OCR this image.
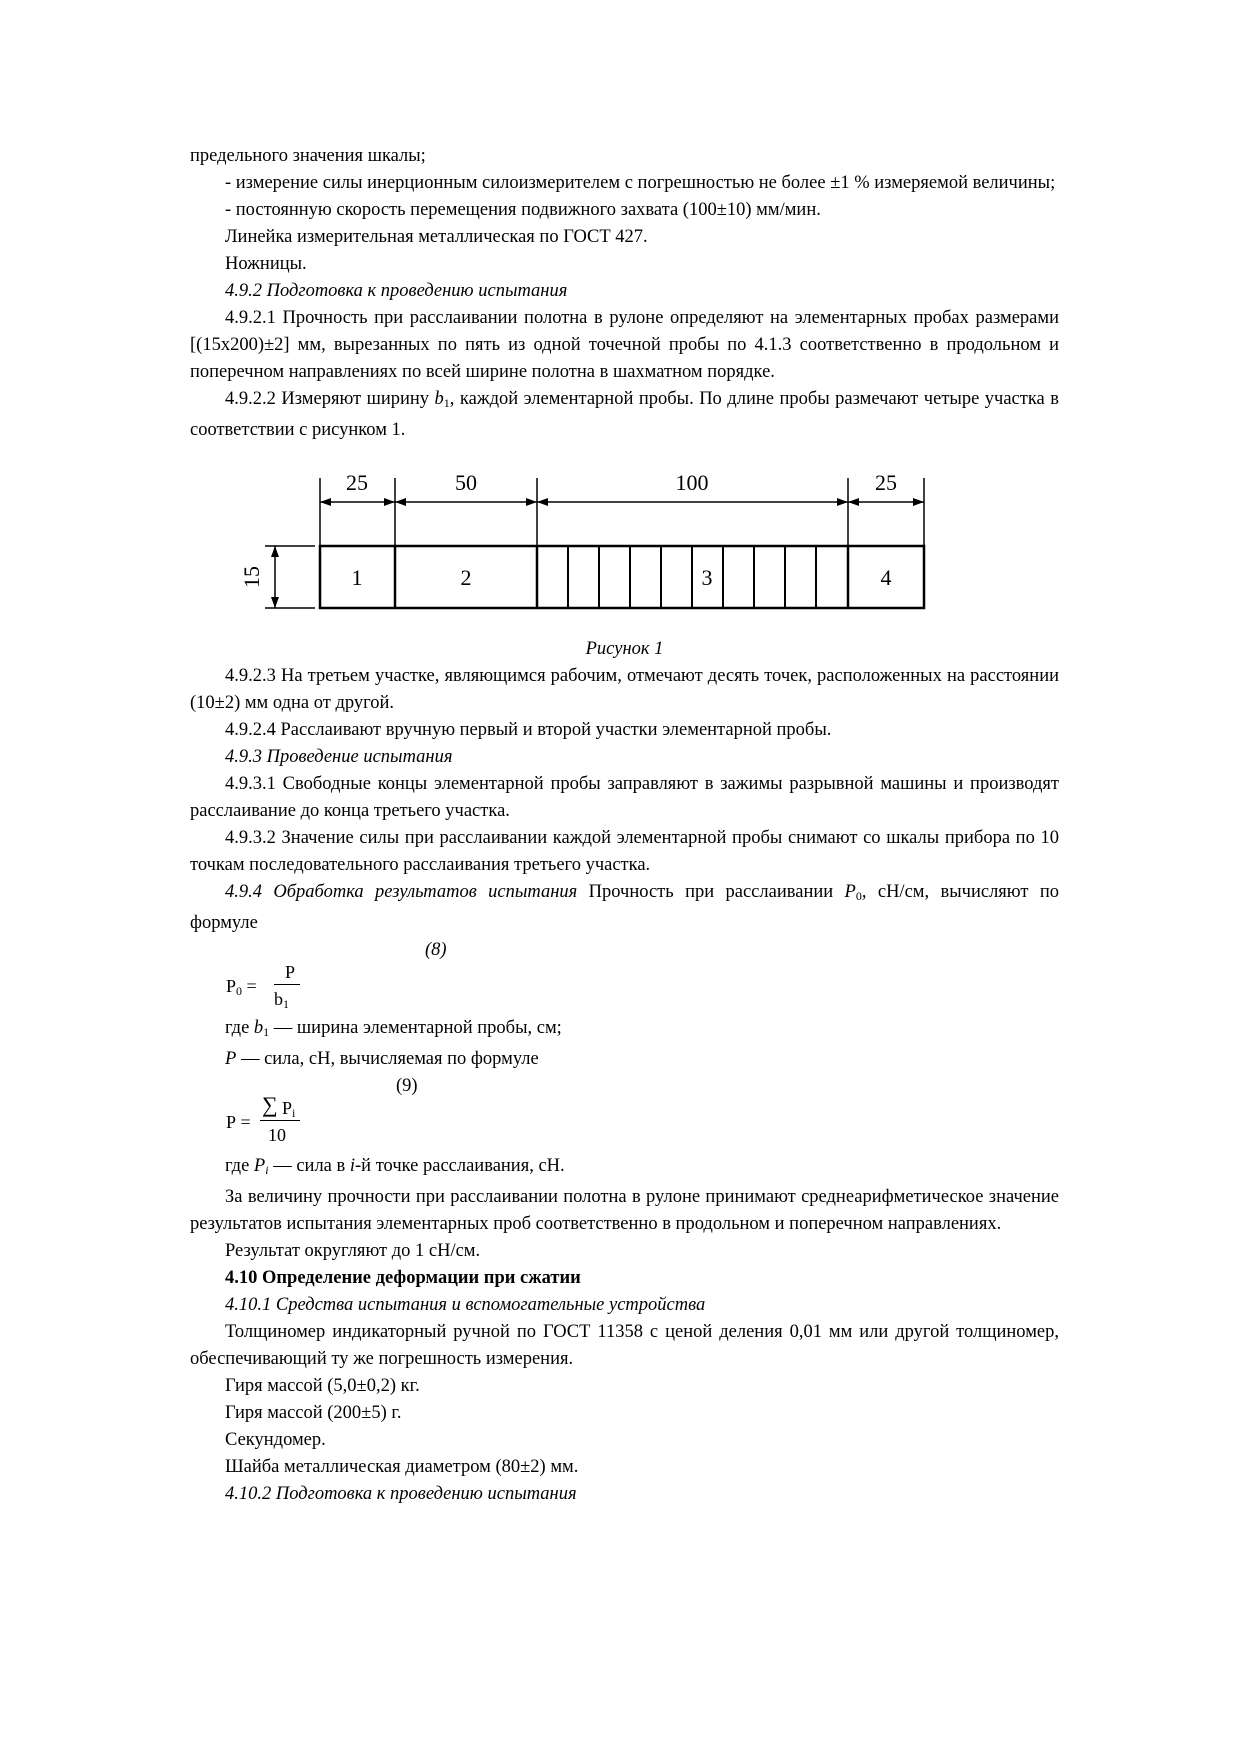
предельного значения шкалы;

- измерение силы инерционным силоизмерителем с погрешностью не более ±1 % измеряемой величины;

- постоянную скорость перемещения подвижного захвата (100±10) мм/мин.

Линейка измерительная металлическая по ГОСТ 427.

Ножницы.

4.9.2 Подготовка к проведению испытания

4.9.2.1 Прочность при расслаивании полотна в рулоне определяют на элементарных пробах размерами [(15х200)±2] мм, вырезанных по пять из одной точечной пробы по 4.1.3 соответственно в продольном и поперечном направлениях по всей ширине полотна в шахматном порядке.

4.9.2.2 Измеряют ширину $b_1$, каждой элементарной пробы. По длине пробы размечают четыре участка в соответствии с рисунком 1.

25	50	100	25
1	2	3	4
15

Рисунок 1

4.9.2.3 На третьем участке, являющимся рабочим, отмечают десять точек, расположенных на расстоянии (10±2) мм одна от другой.

4.9.2.4 Расслаивают вручную первый и второй участки элементарной пробы.

4.9.3 Проведение испытания

4.9.3.1 Свободные концы элементарной пробы заправляют в зажимы разрывной машины и производят расслаивание до конца третьего участка.

4.9.3.2 Значение силы при расслаивании каждой элементарной пробы снимают со шкалы прибора по 10 точкам последовательного расслаивания третьего участка.

4.9.4 Обработка результатов испытания Прочность при расслаивании $P_0$, сН/см, вычисляют по формуле

(8)
$P_0$ =
P
$b_1$

где $b_1$ — ширина элементарной пробы, см;

P — сила, сН, вычисляемая по формуле

(9)
P =
∑ $P_i$
10

где $P_i$ — сила в i-й точке расслаивания, сН.

За величину прочности при расслаивании полотна в рулоне принимают среднеарифметическое значение результатов испытания элементарных проб соответственно в продольном и поперечном направлениях.

Результат округляют до 1 сН/см.

4.10 Определение деформации при сжатии

4.10.1 Средства испытания и вспомогательные устройства

Толщиномер индикаторный ручной по ГОСТ 11358 с ценой деления 0,01 мм или другой толщиномер, обеспечивающий ту же погрешность измерения.

Гиря массой (5,0±0,2) кг.

Гиря массой (200±5) г.

Секундомер.

Шайба металлическая диаметром (80±2) мм.

4.10.2 Подготовка к проведению испытания
